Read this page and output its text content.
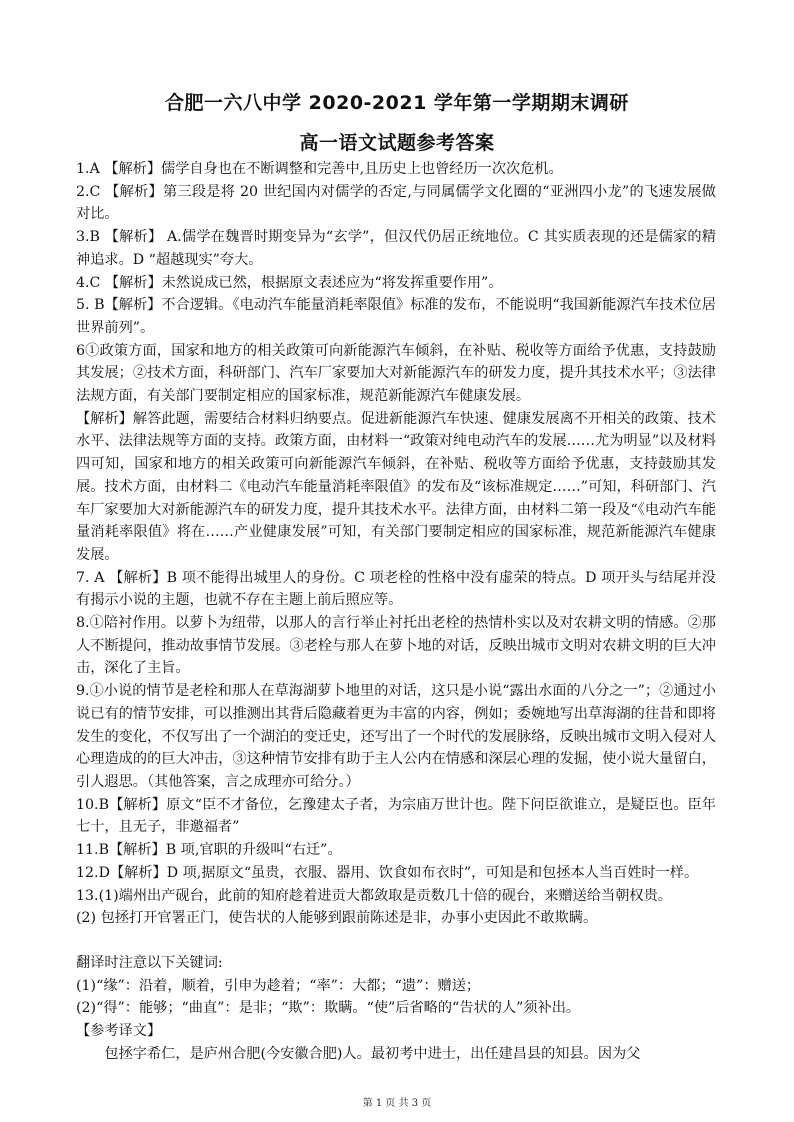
合肥一六八中学 2020-2021 学年第一学期期末调研
高一语文试题参考答案

1.A 【解析】儒学自身也在不断调整和完善中,且历史上也曾经历一次次危机。

2.C 【解析】第三段是将 20 世纪国内对儒学的否定,与同属儒学文化圈的“亚洲四小龙”的飞速发展做对比。

3.B 【解析】 A.儒学在魏晋时期变异为“玄学”，但汉代仍居正统地位。C 其实质表现的还是儒家的精神追求。D “超越现实”夸大。

4.C 【解析】未然说成已然，根据原文表述应为“将发挥重要作用”。

5. B【解析】不合逻辑。《电动汽车能量消耗率限值》标准的发布，不能说明“我国新能源汽车技术位居世界前列”。

6①政策方面，国家和地方的相关政策可向新能源汽车倾斜，在补贴、税收等方面给予优惠，支持鼓励其发展；②技术方面，科研部门、汽车厂家要加大对新能源汽车的研发力度，提升其技术水平；③法律法规方面，有关部门要制定相应的国家标准，规范新能源汽车健康发展。

【解析】解答此题，需要结合材料归纳要点。促进新能源汽车快速、健康发展离不开相关的政策、技术水平、法律法规等方面的支持。政策方面，由材料一“政策对纯电动汽车的发展……尤为明显”以及材料四可知，国家和地方的相关政策可向新能源汽车倾斜，在补贴、税收等方面给予优惠，支持鼓励其发展。技术方面，由材料二《电动汽车能量消耗率限值》的发布及“该标准规定……”可知，科研部门、汽车厂家要加大对新能源汽车的研发力度，提升其技术水平。法律方面，由材料二第一段及“《电动汽车能量消耗率限值》将在……产业健康发展”可知，有关部门要制定相应的国家标准，规范新能源汽车健康发展。

7. A 【解析】B 项不能得出城里人的身份。C 项老栓的性格中没有虚荣的特点。D 项开头与结尾并没有揭示小说的主题，也就不存在主题上前后照应等。

8.①陪衬作用。以萝卜为纽带，以那人的言行举止衬托出老栓的热情朴实以及对农耕文明的情感。②那人不断提问，推动故事情节发展。③老栓与那人在萝卜地的对话，反映出城市文明对农耕文明的巨大冲击，深化了主旨。

9.①小说的情节是老栓和那人在草海湖萝卜地里的对话，这只是小说“露出水面的八分之一”；②通过小说已有的情节安排，可以推测出其背后隐藏着更为丰富的内容，例如；委婉地写出草海湖的往昔和即将发生的变化，不仅写出了一个湖泊的变迁史，还写出了一个时代的发展脉络，反映出城市文明入侵对人心理造成的的巨大冲击，③这种情节安排有助于主人公内在情感和深层心理的发掘，使小说大量留白，引人遐思。（其他答案，言之成理亦可给分。）

10.B【解析】原文“臣不才备位，乞豫建太子者，为宗庙万世计也。陛下问臣欲谁立，是疑臣也。臣年七十，且无子，非邀福者”

11.B【解析】B 项,官职的升级叫“右迁”。

12.D【解析】D 项,据原文“虽贵，衣服、器用、饮食如布衣时”，可知是和包拯本人当百姓时一样。

13.(1)端州出产砚台，此前的知府趁着进贡大都敛取是贡数几十倍的砚台，来赠送给当朝权贵。

(2) 包拯打开官署正门，使告状的人能够到跟前陈述是非，办事小吏因此不敢欺瞒。

翻译时注意以下关键词:

(1)“缘”：沿着，顺着，引申为趁着；“率”：大都；“遗”：赠送；

(2)“得”：能够；“曲直”：是非；“欺”：欺瞒。“使”后省略的“告状的人”须补出。

【参考译文】

包拯字希仁，是庐州合肥(今安徽合肥)人。最初考中进士，出任建昌县的知县。因为父

第 1 页 共 3 页
